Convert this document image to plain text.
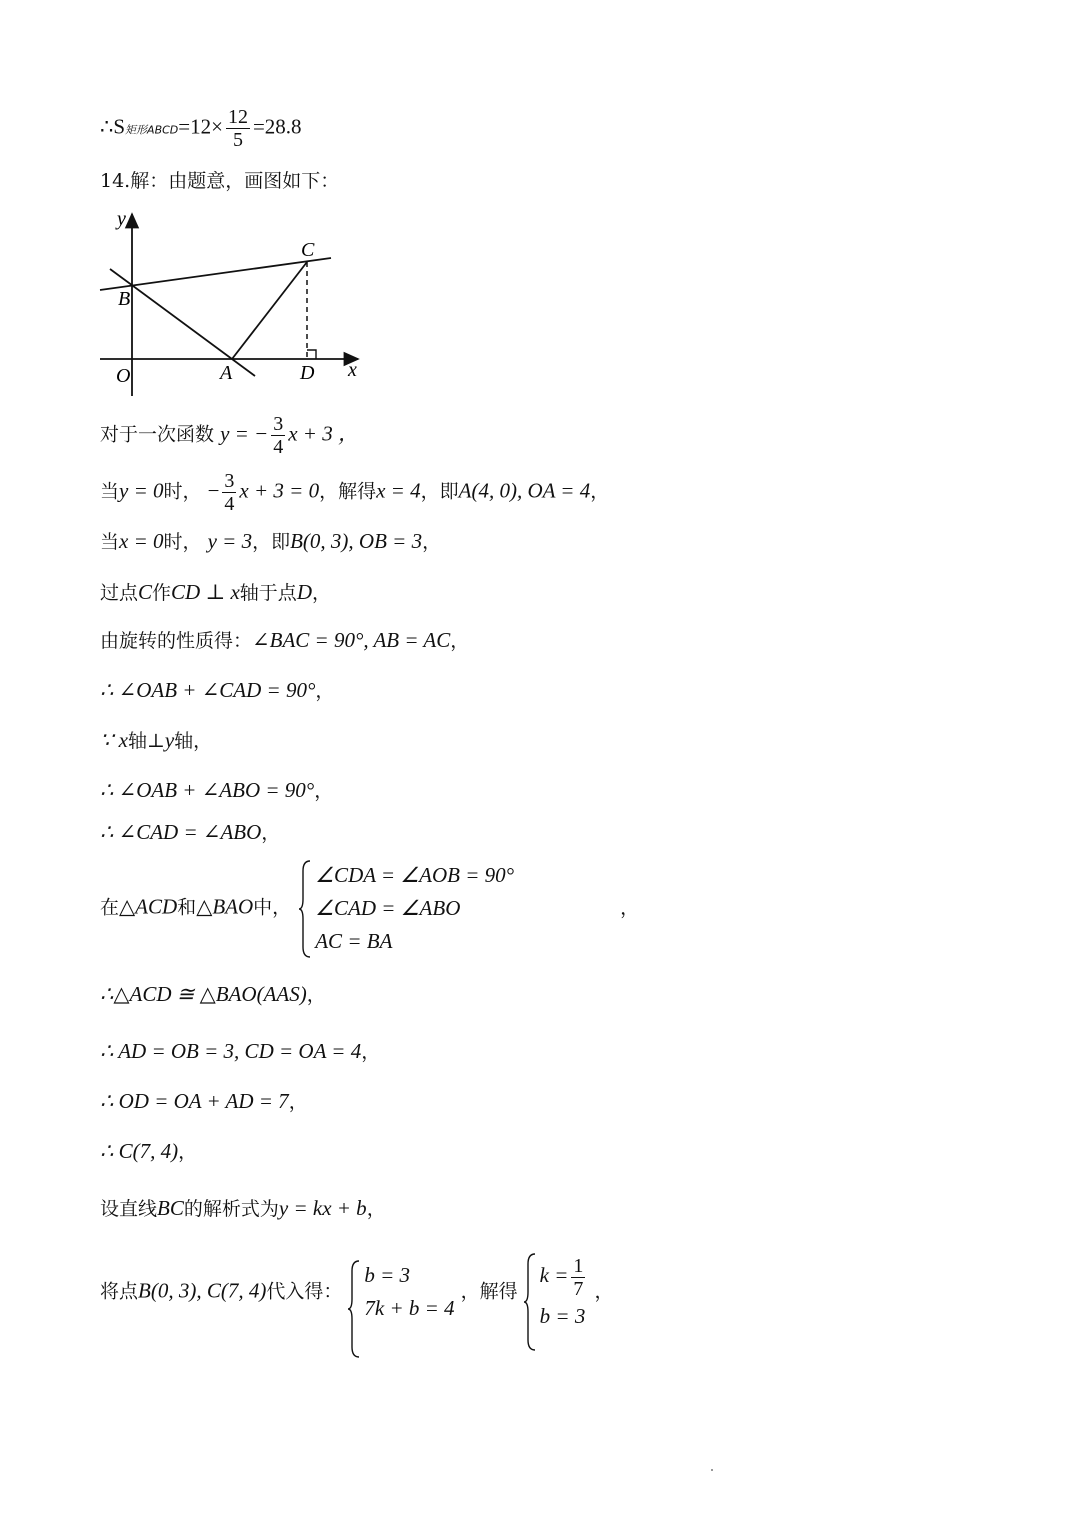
∴S矩形ABCD=12× $\frac{12}{5} =28.8$
14.解：由题意，画图如下：
y
C
B
O	A	D x
对于一次函数 y = − $\frac{3}{4}$ x + 3 ，
当y = 0时， − $\frac{3}{4}$ x + 3 = 0，解得x = 4，即A(4, 0), OA = 4，
当x = 0时， y = 3，即B(0, 3), OB = 3，
过点C作CD ⊥ x轴于点D，
由旋转的性质得：∠BAC = 90°, AB = AC，
∴ ∠OAB + ∠CAD = 90°，
∵ x轴⊥y轴，
∴ ∠OAB + ∠ABO = 90°，
∴ ∠CAD = ∠ABO，
在△ACD和△BAO中，
∠CDA = ∠AOB = 90°
∠CAD = ∠ABO
AC = BA
，
∴△ACD ≅ △BAO(AAS)，
∴ AD = OB = 3, CD = OA = 4，
∴ OD = OA + AD = 7，
∴ C(7, 4)，
设直线BC的解析式为y = kx + b，
将点B(0, 3), C(7, 4)代入得：
b = 3
7k + b = 4
，解得
$k = \frac{1}{7}$
b = 3
，
